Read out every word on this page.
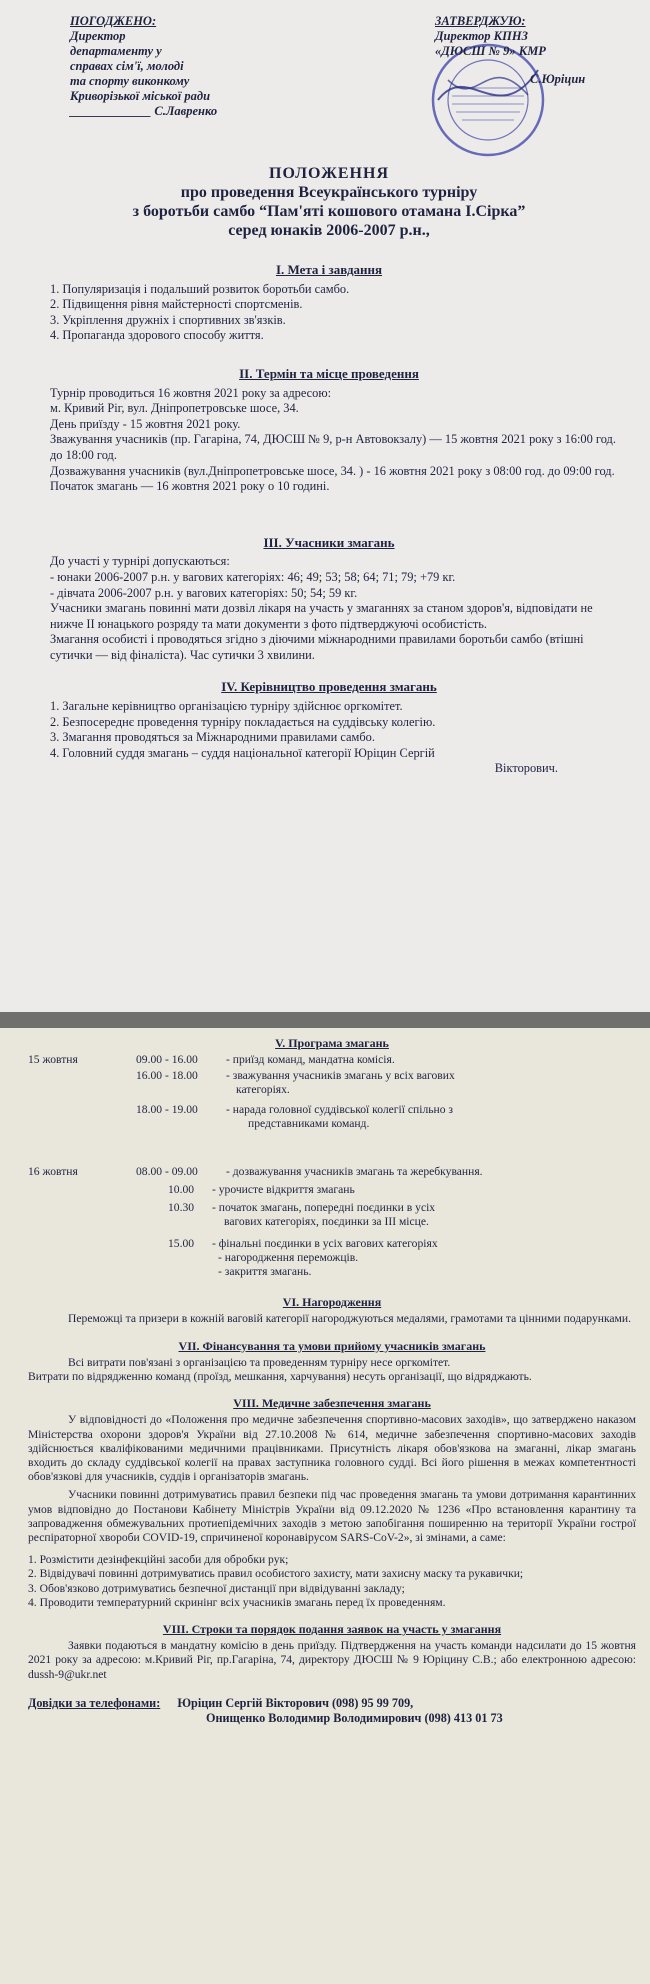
ПОГОДЖЕНО:
Директор
департаменту у
справах сім'ї, молоді
та спорту виконкому
Криворізької міської ради
_____________ С.Лавренко
ЗАТВЕРДЖУЮ:
Директор КПНЗ
«ДЮСШ № 9» КМР
С.Юріцин
ПОЛОЖЕННЯ
про проведення Всеукраїнського турніру
з боротьби самбо “Пам'яті кошового отамана І.Сірка”
серед юнаків 2006-2007 р.н.,
І. Мета і завдання

1. Популяризація і подальший розвиток боротьби самбо.

2. Підвищення рівня майстерності спортсменів.

3. Укріплення дружніх і спортивних зв'язків.

4. Пропаганда здорового способу життя.

II. Термін та місце проведення

Турнір проводиться 16 жовтня 2021 року за адресою:

м. Кривий Ріг, вул. Дніпропетровське шосе, 34.

День приїзду - 15 жовтня 2021 року.

Зважування учасників (пр. Гагаріна, 74, ДЮСШ № 9, р-н Автовокзалу) — 15 жовтня 2021 року з 16:00 год. до 18:00 год.

Дозважування учасників (вул.Дніпропетровське шосе, 34. ) - 16 жовтня 2021 року з 08:00 год. до 09:00 год.

Початок змагань — 16 жовтня 2021 року о 10 годині.

ІІІ. Учасники змагань

До участі у турнірі допускаються:

- юнаки 2006-2007 р.н. у вагових категоріях: 46; 49; 53; 58; 64; 71; 79; +79 кг.

- дівчата 2006-2007 р.н. у вагових категоріях: 50; 54; 59 кг.

Учасники змагань повинні мати дозвіл лікаря на участь у змаганнях за станом здоров'я, відповідати не нижче ІІ юнацького розряду та мати документи з фото підтверджуючі особистість.

Змагання особисті і проводяться згідно з діючими міжнародними правилами боротьби самбо (втішні сутички — від фіналіста). Час сутички 3 хвилини.

IV. Керівництво проведення змагань

1. Загальне керівництво організацією турніру здійснює оргкомітет.

2. Безпосереднє проведення турніру покладається на суддівську колегію.

3. Змагання проводяться за Міжнародними правилами самбо.

4. Головний суддя змагань – суддя національної категорії Юріцин Сергій

Вікторович.

V. Програма змагань
15 жовтня	09.00 - 16.00 - приїзд команд, мандатна комісія.
16.00 - 18.00 - зважування учасників змагань у всіх вагових
категоріях.
18.00 - 19.00 - нарада головної суддівської колегії спільно з
представниками команд.
16 жовтня	08.00 - 09.00 - дозважування учасників змагань та жеребкування.
10.00 - урочисте відкриття змагань
10.30 - початок змагань, попередні поєдинки в усіх
вагових категоріях, поєдинки за ІІІ місце.
15.00 - фінальні поєдинки в усіх вагових категоріях
- нагородження переможців.
- закриття змагань.
VI. Нагородження

Переможці та призери в кожній ваговій категорії нагороджуються медалями, грамотами та цінними подарунками.

VII. Фінансування та умови прийому учасників змагань

Всі витрати пов'язані з організацією та проведенням турніру несе оргкомітет.

Витрати по відрядженню команд (проїзд, мешкання, харчування) несуть організації, що відряджають.

VIII. Медичне забезпечення змагань

У відповідності до «Положення про медичне забезпечення спортивно-масових заходів», що затверджено наказом Міністерства охорони здоров'я України від 27.10.2008 № 614, медичне забезпечення спортивно-масових заходів здійснюється кваліфікованими медичними працівниками. Присутність лікаря обов'язкова на змаганні, лікар змагань входить до складу суддівської колегії на правах заступника головного судді. Всі його рішення в межах компетентності обов'язкові для учасників, суддів і організаторів змагань.

Учасники повинні дотримуватись правил безпеки під час проведення змагань та умови дотримання карантинних умов відповідно до Постанови Кабінету Міністрів України від 09.12.2020 № 1236 «Про встановлення карантину та запровадження обмежувальних протиепідемічних заходів з метою запобігання поширенню на території України гострої респіраторної хвороби COVID-19, спричиненої коронавірусом SARS-CoV-2», зі змінами, а саме:

1. Розмістити дезінфекційні засоби для обробки рук;
2. Відвідувачі повинні дотримуватись правил особистого захисту, мати захисну маску та рукавички;
3. Обов'язково дотримуватись безпечної дистанції при відвідуванні закладу;
4. Проводити температурний скринінг всіх учасників змагань перед їх проведенням.
VIII. Строки та порядок подання заявок на участь у змагання

Заявки подаються в мандатну комісію в день приїзду. Підтвердження на участь команди надсилати до 15 жовтня 2021 року за адресою: м.Кривий Ріг, пр.Гагаріна, 74, директору ДЮСШ № 9 Юріцину С.В.; або електронною адресою: dussh-9@ukr.net

Довідки за телефонами: Юріцин Сергій Вікторович (098) 95 99 709,
Онищенко Володимир Володимирович (098) 413 01 73
